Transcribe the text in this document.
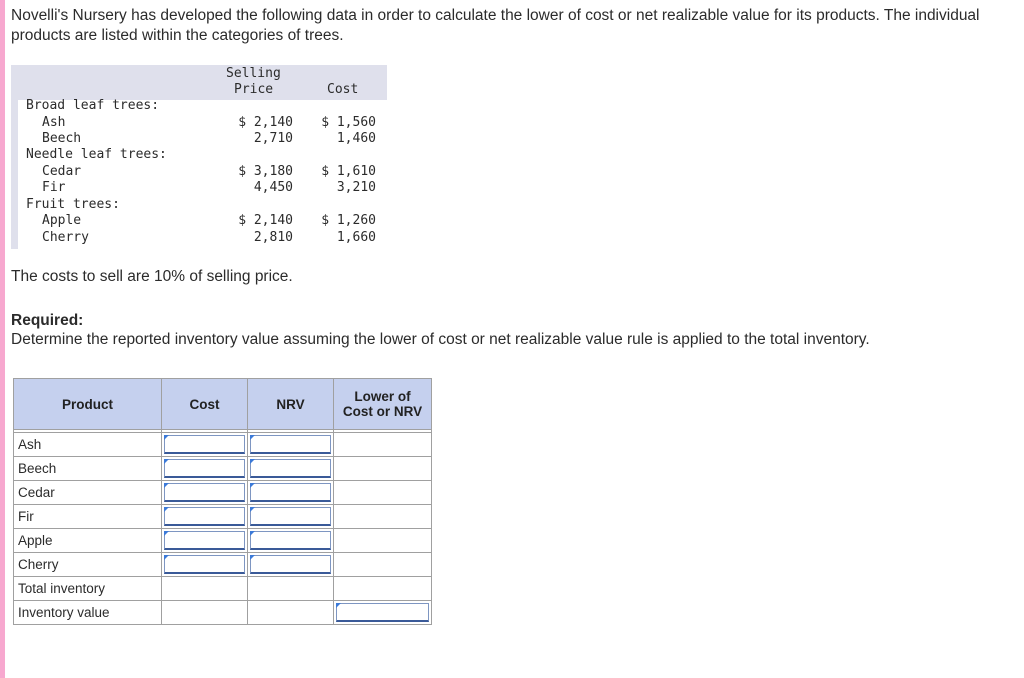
Novelli's Nursery has developed the following data in order to calculate the lower of cost or net realizable value for its products. The individual products are listed within the categories of trees.

Selling
Price	Cost
Broad leaf trees:
Ash	$ 2,140	$ 1,560
Beech	2,710	1,460
Needle leaf trees:
Cedar	$ 3,180	$ 1,610
Fir	4,450	3,210
Fruit trees:
Apple	$ 2,140	$ 1,260
Cherry	2,810	1,660

The costs to sell are 10% of selling price.

Required:

Determine the reported inventory value assuming the lower of cost or net realizable value rule is applied to the total inventory.

Product	Cost	NRV	Lower of
Cost or NRV

Ash	

Beech	

Cedar	

Fir	

Apple	

Cherry	

Total inventory			
Inventory value			
